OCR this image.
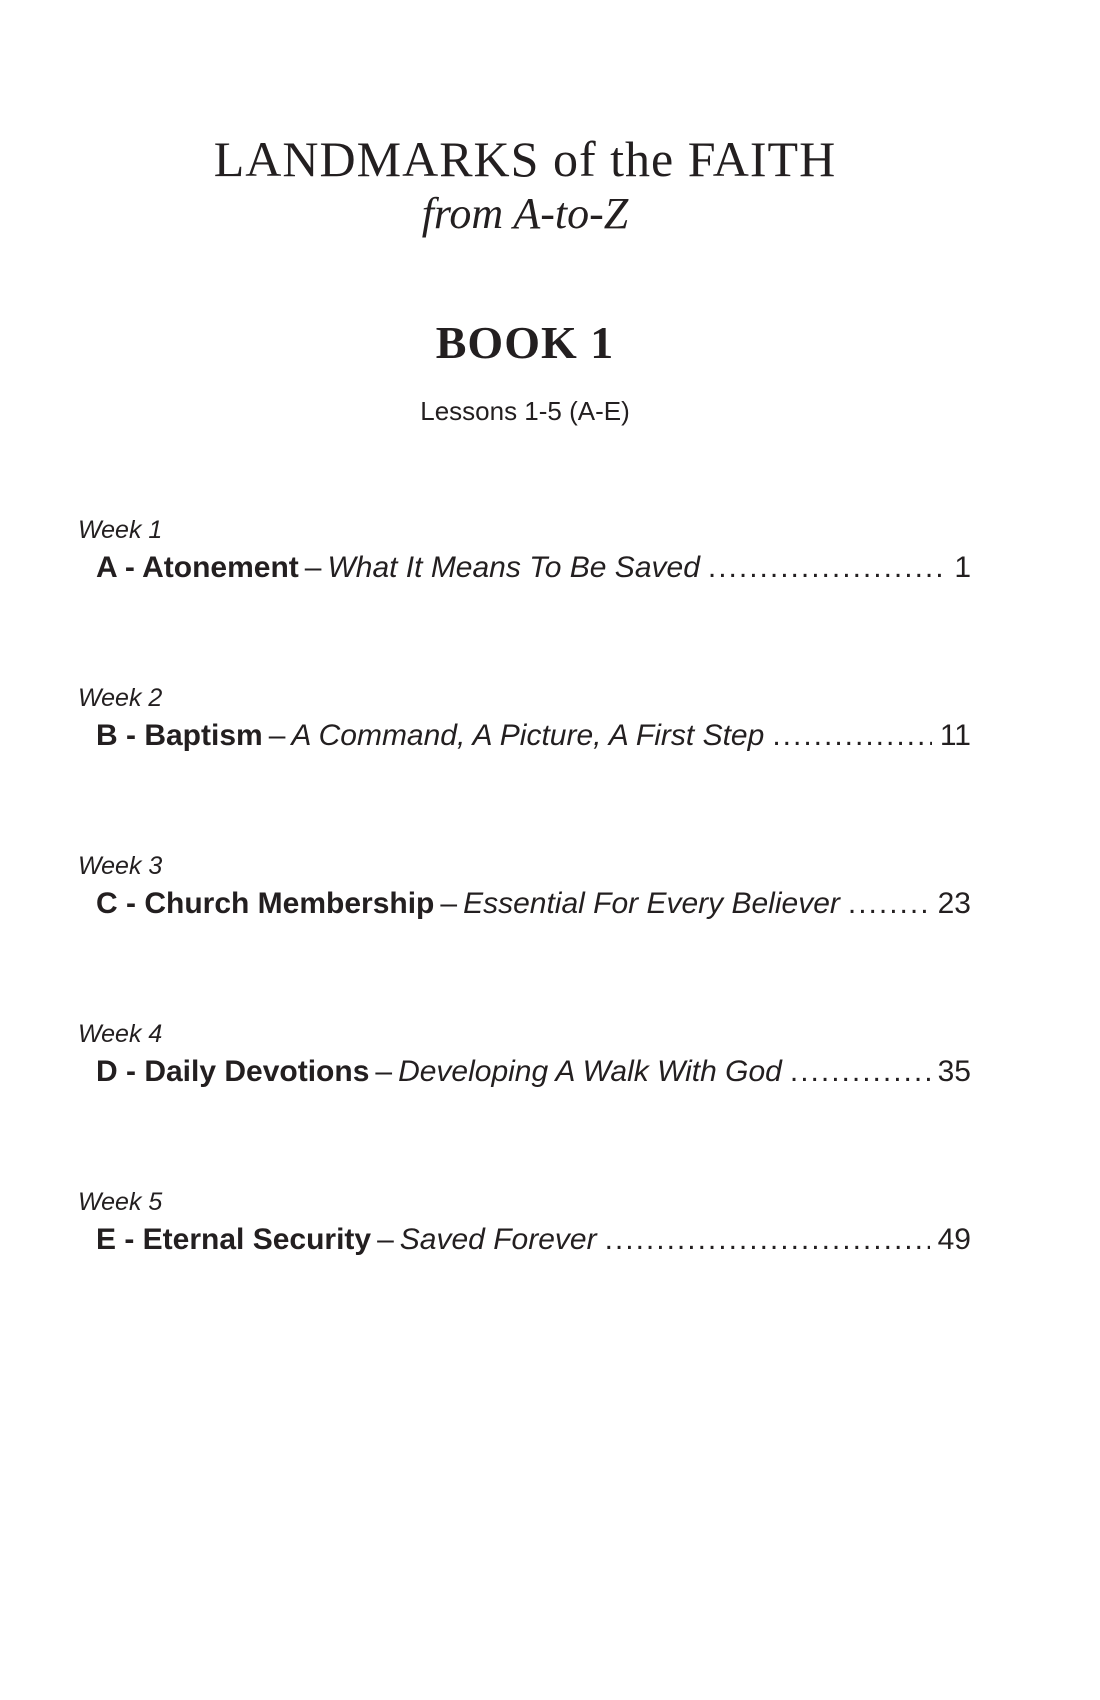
LANDMARKS of the FAITH
from A-to-Z
BOOK 1
Lessons 1-5 (A-E)
Week 1
A - Atonement – What It Means To Be Saved .....	1
Week 2
B - Baptism – A Command, A Picture, A First Step .....	11
Week 3
C - Church Membership – Essential For Every Believer .....	23
Week 4
D - Daily Devotions – Developing A Walk With God .....	35
Week 5
E - Eternal Security – Saved Forever .....	49
